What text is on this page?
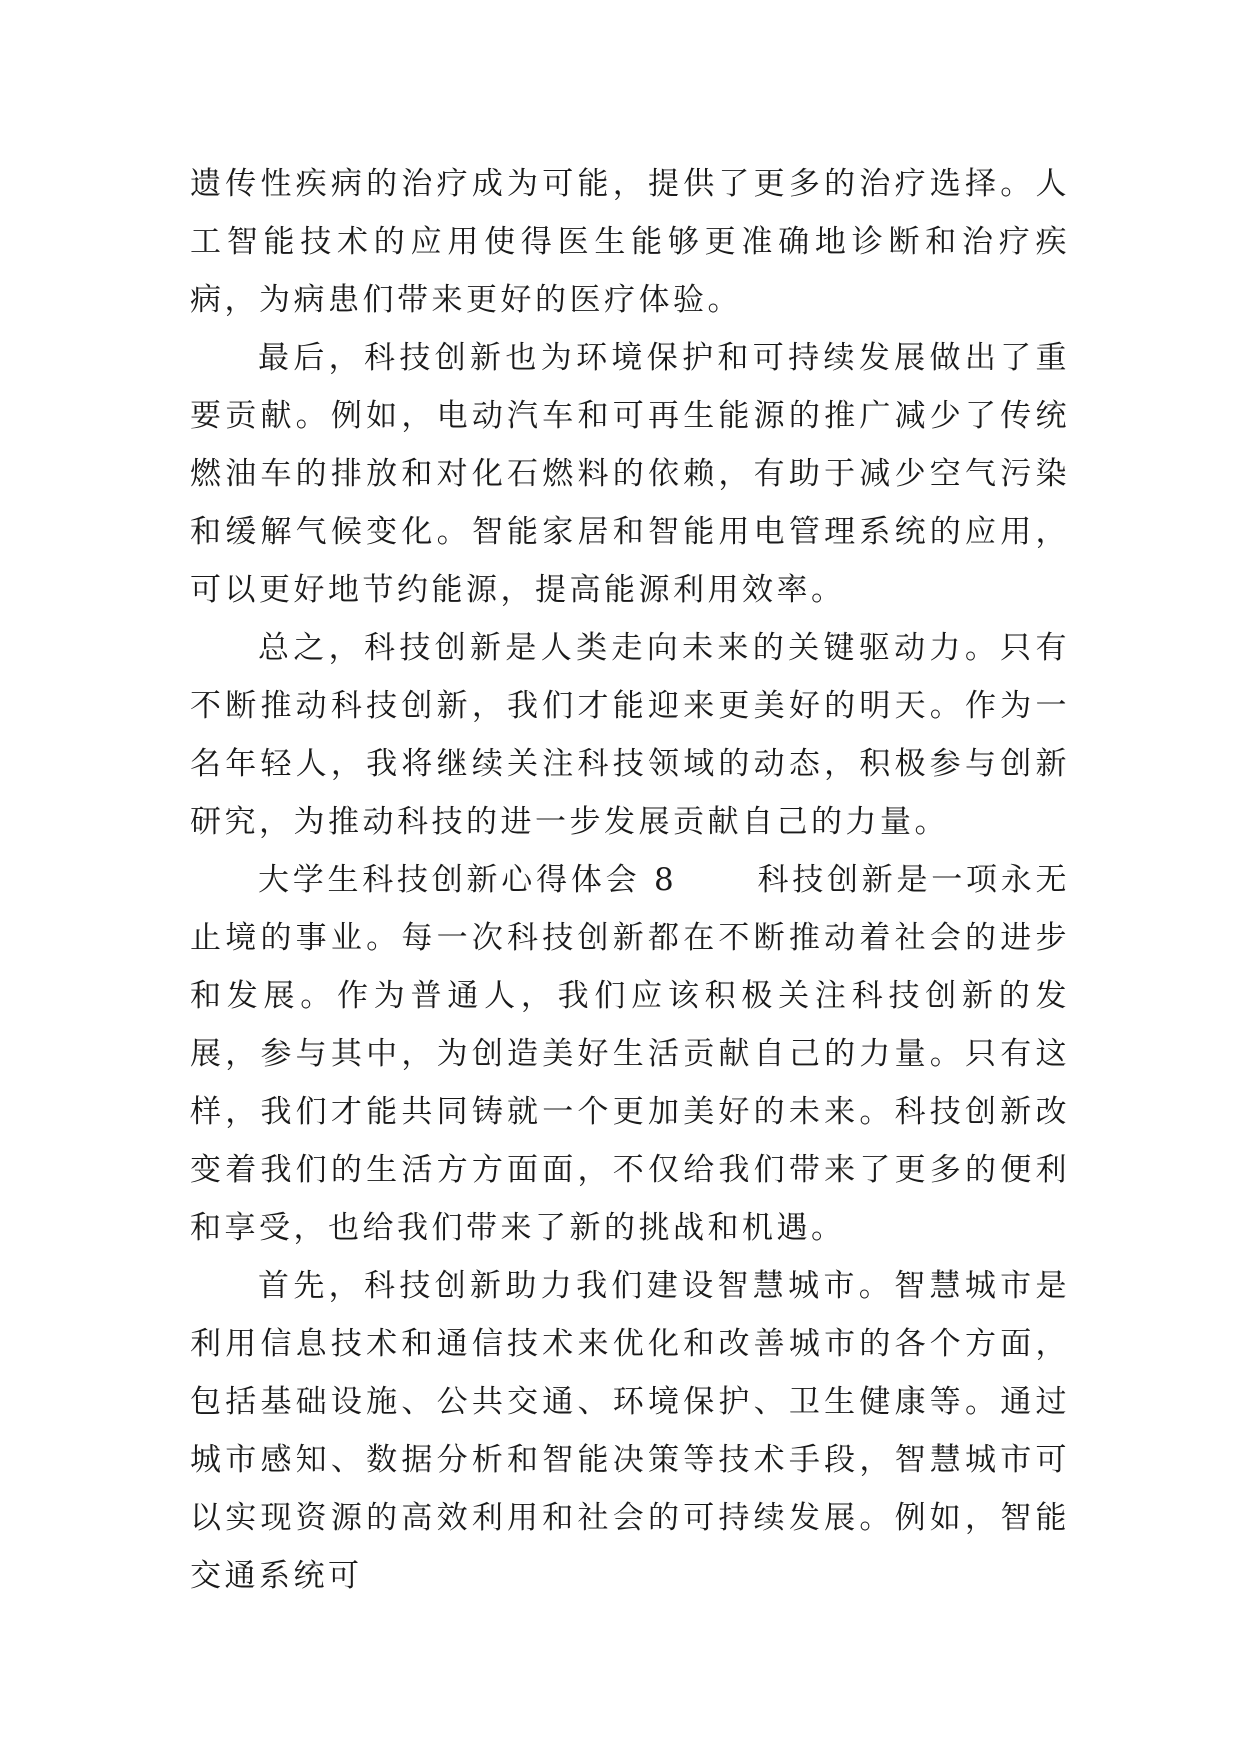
遗传性疾病的治疗成为可能，提供了更多的治疗选择。人工智能技术的应用使得医生能够更准确地诊断和治疗疾病，为病患们带来更好的医疗体验。

最后，科技创新也为环境保护和可持续发展做出了重要贡献。例如，电动汽车和可再生能源的推广减少了传统燃油车的排放和对化石燃料的依赖，有助于减少空气污染和缓解气候变化。智能家居和智能用电管理系统的应用，可以更好地节约能源，提高能源利用效率。

总之，科技创新是人类走向未来的关键驱动力。只有不断推动科技创新，我们才能迎来更美好的明天。作为一名年轻人，我将继续关注科技领域的动态，积极参与创新研究，为推动科技的进一步发展贡献自己的力量。

大学生科技创新心得体会 8	科技创新是一项永无止境的事业。每一次科技创新都在不断推动着社会的进步和发展。作为普通人，我们应该积极关注科技创新的发展，参与其中，为创造美好生活贡献自己的力量。只有这样，我们才能共同铸就一个更加美好的未来。科技创新改变着我们的生活方方面面，不仅给我们带来了更多的便利和享受，也给我们带来了新的挑战和机遇。

首先，科技创新助力我们建设智慧城市。智慧城市是利用信息技术和通信技术来优化和改善城市的各个方面，包括基础设施、公共交通、环境保护、卫生健康等。通过城市感知、数据分析和智能决策等技术手段，智慧城市可以实现资源的高效利用和社会的可持续发展。例如，智能交通系统可
